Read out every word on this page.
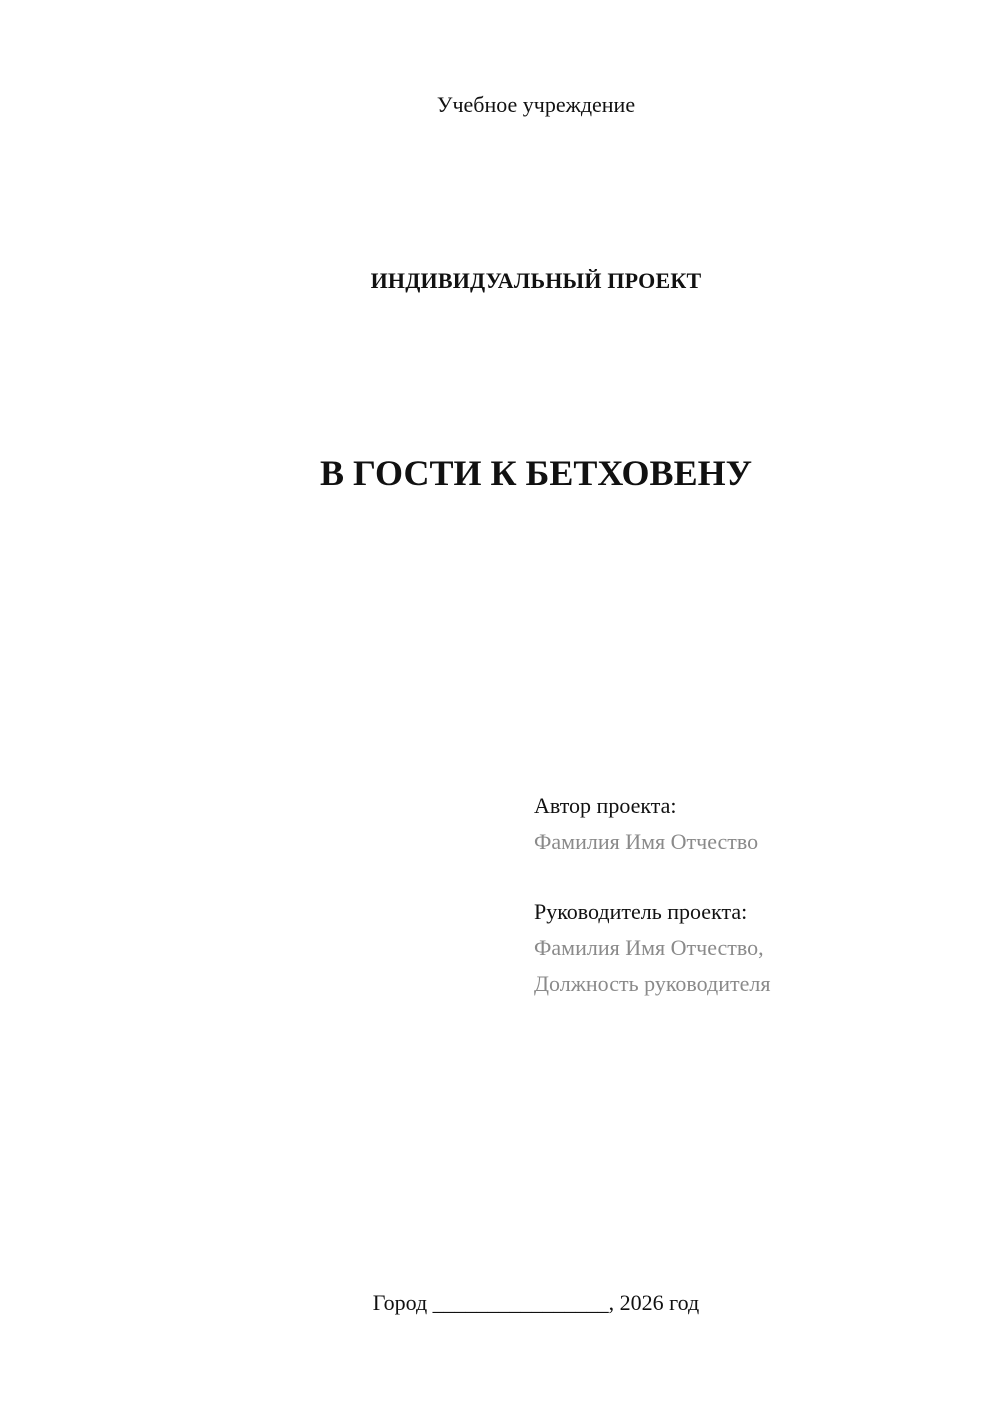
Учебное учреждение
ИНДИВИДУАЛЬНЫЙ ПРОЕКТ
В ГОСТИ К БЕТХОВЕНУ
Автор проекта:
Фамилия Имя Отчество
Руководитель проекта:
Фамилия Имя Отчество,
Должность руководителя
Город ________________, 2026 год
